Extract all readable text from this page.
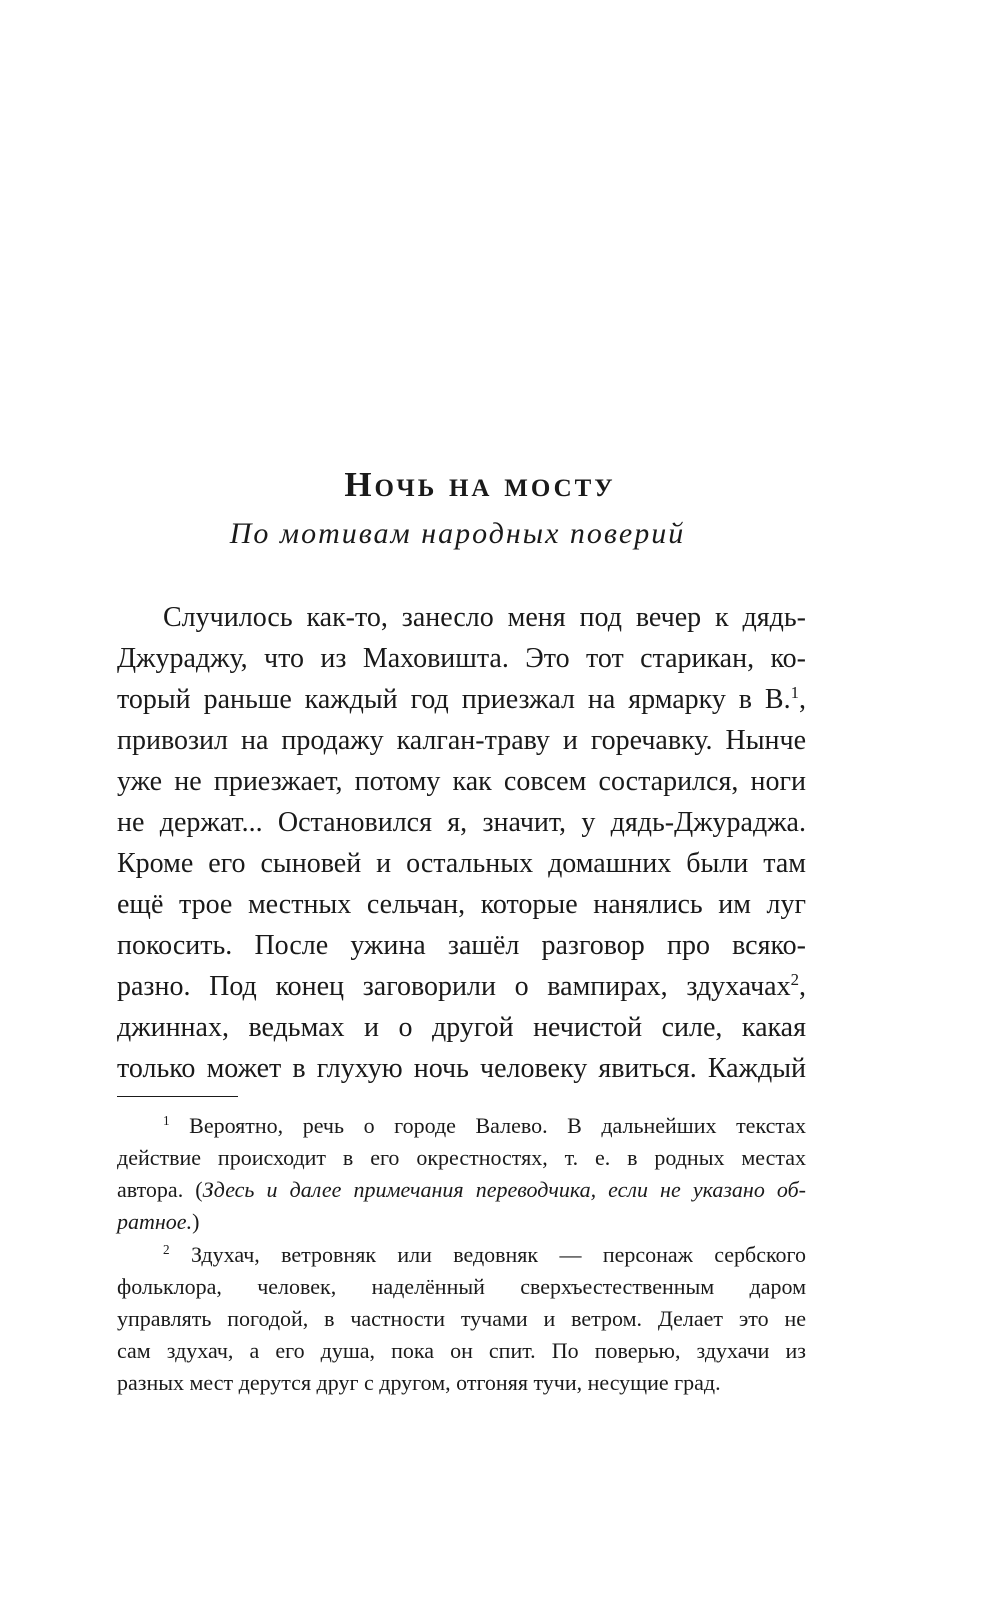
Ночь на мосту
По мотивам народных поверий
Случилось как-то, занесло меня под вечер к дядь-
Джураджу, что из Маховишта. Это тот старикан, ко-
торый раньше каждый год приезжал на ярмарку в В.$^1$,
привозил на продажу калган-траву и горечавку. Нынче
уже не приезжает, потому как совсем состарился, ноги
не держат... Остановился я, значит, у дядь-Джураджа.
Кроме его сыновей и остальных домашних были там
ещё трое местных сельчан, которые нанялись им луг
покосить. После ужина зашёл разговор про всяко-
разно. Под конец заговорили о вампирах, здухачах$^2$,
джиннах, ведьмах и о другой нечистой силе, какая
только может в глухую ночь человеку явиться. Каждый
$^1$ Вероятно, речь о городе Валево. В дальнейших текстах
действие происходит в его окрестностях, т. е. в родных местах
автора. (Здесь и далее примечания переводчика, если не указано об-
ратное.)
$^2$ Здухач, ветровняк или ведовняк — персонаж сербского
фольклора, человек, наделённый сверхъестественным даром
управлять погодой, в частности тучами и ветром. Делает это не
сам здухач, а его душа, пока он спит. По поверью, здухачи из
разных мест дерутся друг с другом, отгоняя тучи, несущие град.
